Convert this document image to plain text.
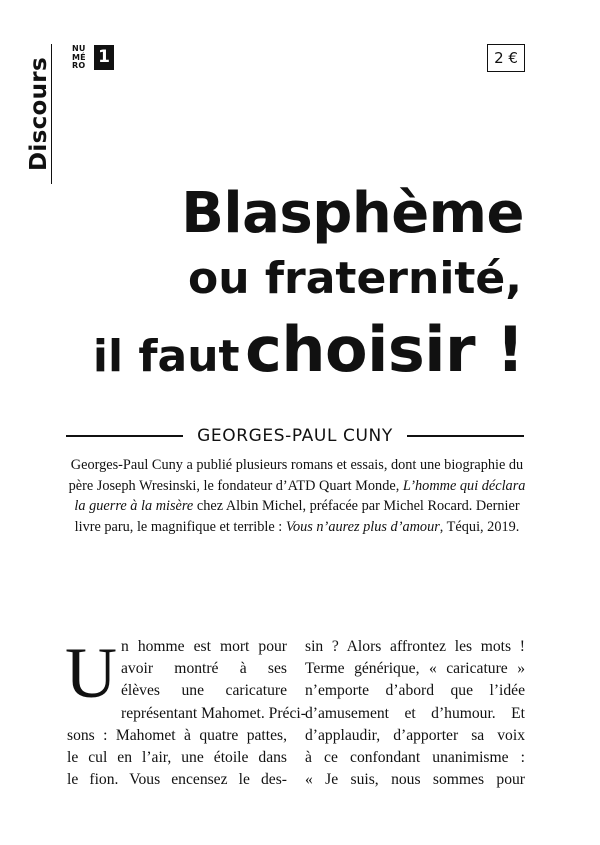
Discours
NU
MÉ
RO 1	2 €
Blasphème
ou fraternité,
il faut choisir !
GEORGES-PAUL CUNY
Georges-Paul Cuny a publié plusieurs romans et essais, dont une biographie du père Joseph Wresinski, le fondateur d’ATD Quart Monde, L’homme qui déclara la guerre à la misère chez Albin Michel, préfacée par Michel Rocard. Dernier livre paru, le magnifique et terrible : Vous n’aurez plus d’amour, Téqui, 2019.
U n homme est mort pour
avoir montré à ses
élèves une caricature
représentant Mahomet. Préci-
sons : Mahomet à quatre pattes,
le cul en l’air, une étoile dans
le fion. Vous encensez le des-
sin ? Alors affrontez les mots !
Terme générique, « caricature »
n’emporte d’abord que l’idée
d’amusement et d’humour. Et
d’applaudir, d’apporter sa voix
à ce confondant unanimisme :
« Je suis, nous sommes pour
